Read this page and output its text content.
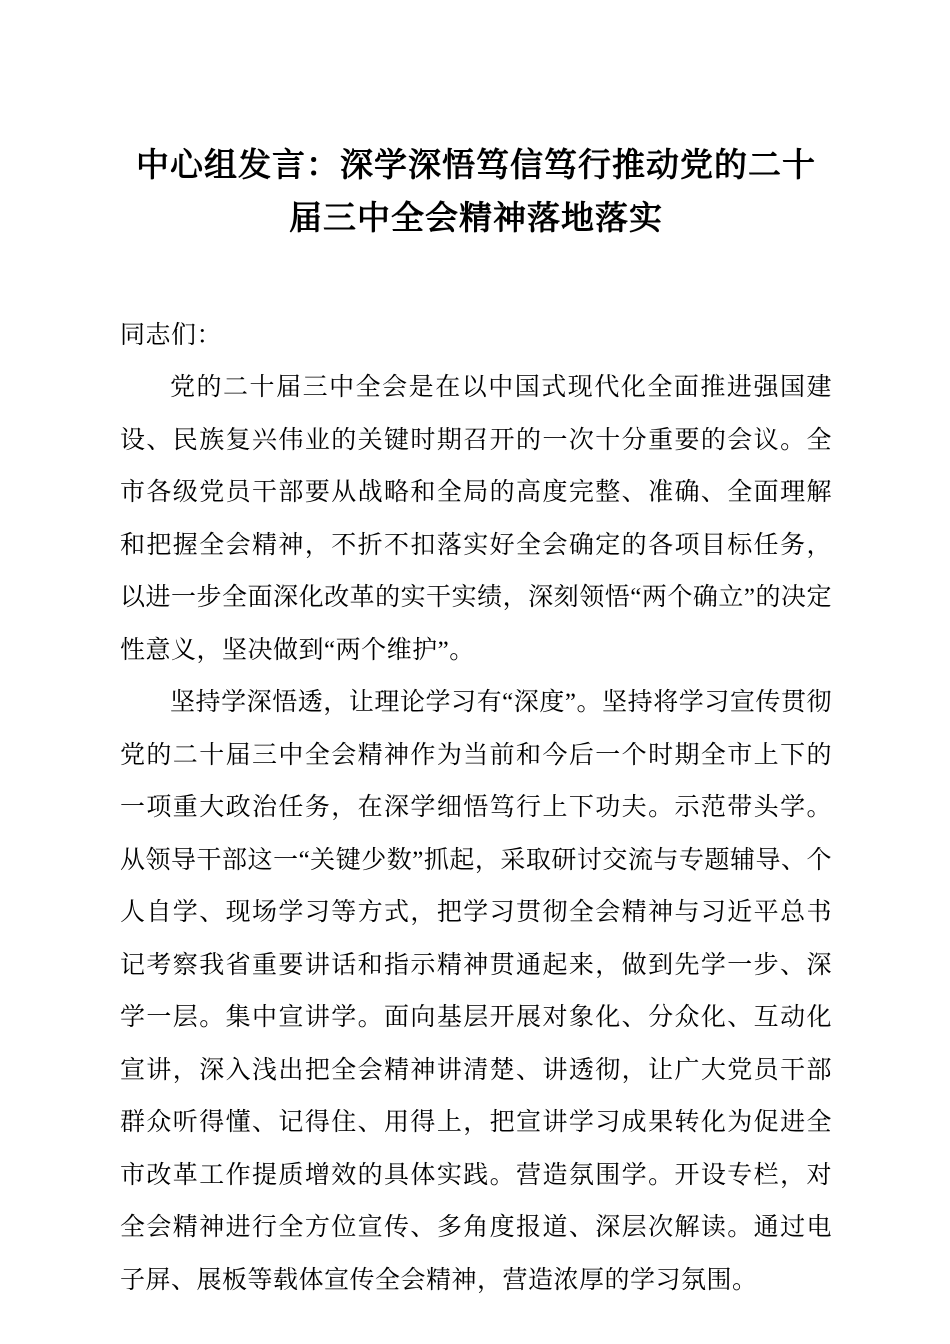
中心组发言：深学深悟笃信笃行推动党的二十届三中全会精神落地落实

同志们：

党的二十届三中全会是在以中国式现代化全面推进强国建设、民族复兴伟业的关键时期召开的一次十分重要的会议。全市各级党员干部要从战略和全局的高度完整、准确、全面理解和把握全会精神，不折不扣落实好全会确定的各项目标任务，以进一步全面深化改革的实干实绩，深刻领悟“两个确立”的决定性意义，坚决做到“两个维护”。

坚持学深悟透，让理论学习有“深度”。坚持将学习宣传贯彻党的二十届三中全会精神作为当前和今后一个时期全市上下的一项重大政治任务，在深学细悟笃行上下功夫。示范带头学。从领导干部这一“关键少数”抓起，采取研讨交流与专题辅导、个人自学、现场学习等方式，把学习贯彻全会精神与习近平总书记考察我省重要讲话和指示精神贯通起来，做到先学一步、深学一层。集中宣讲学。面向基层开展对象化、分众化、互动化宣讲，深入浅出把全会精神讲清楚、讲透彻，让广大党员干部群众听得懂、记得住、用得上，把宣讲学习成果转化为促进全市改革工作提质增效的具体实践。营造氛围学。开设专栏，对全会精神进行全方位宣传、多角度报道、深层次解读。通过电子屏、展板等载体宣传全会精神，营造浓厚的学习氛围。
